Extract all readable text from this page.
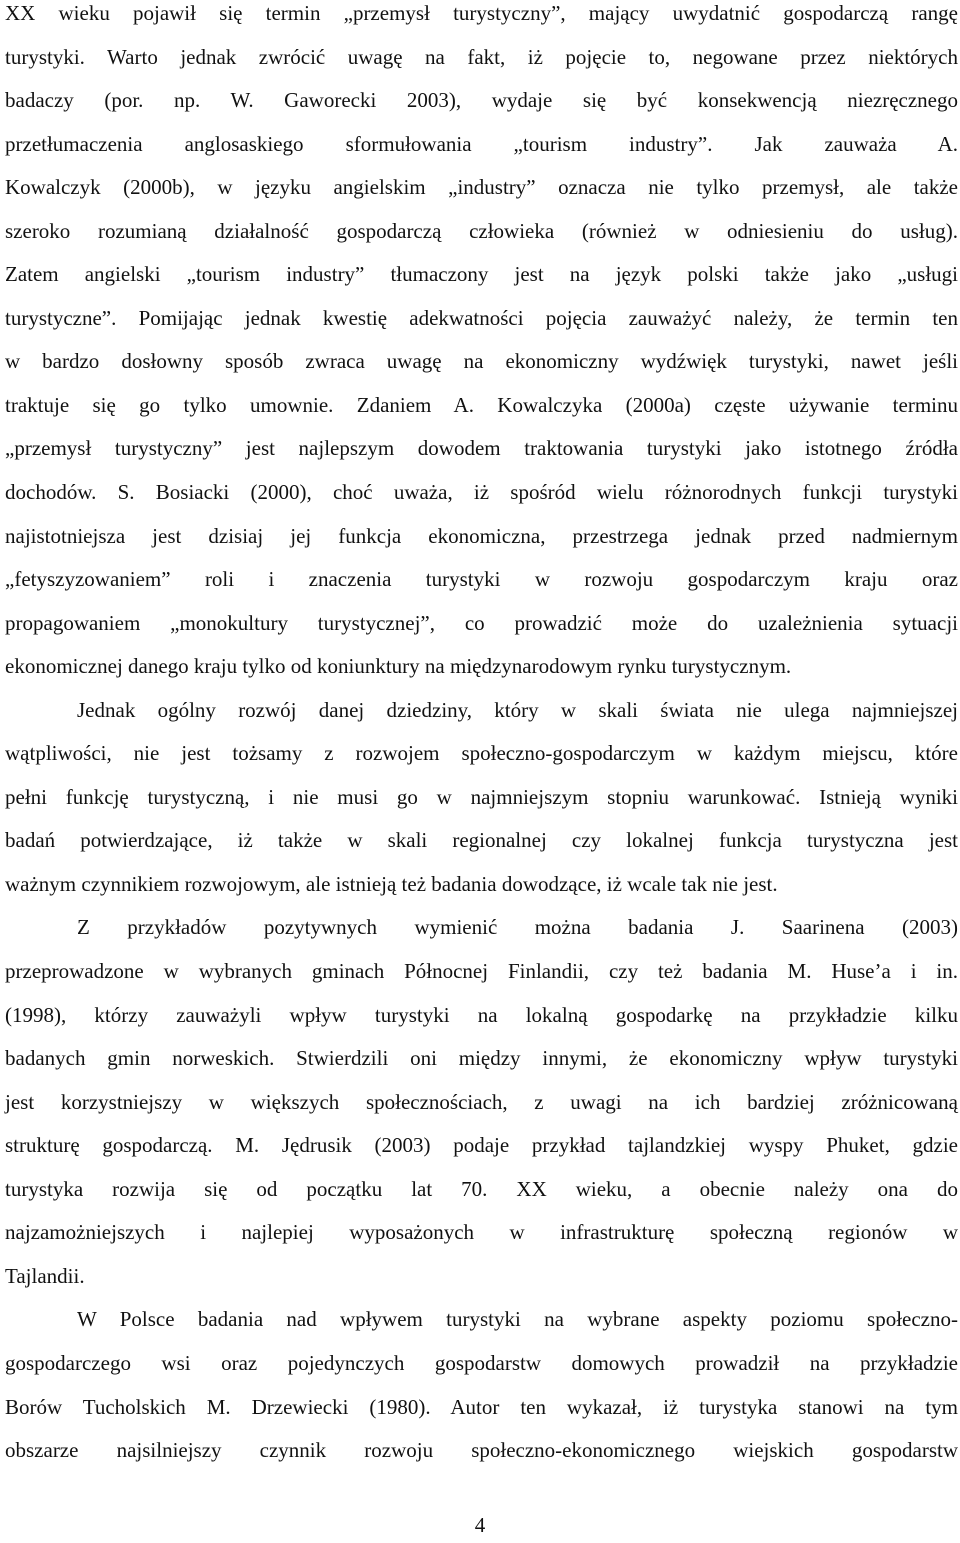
XX wieku pojawił się termin „przemysł turystyczny”, mający uwydatnić gospodarczą rangę
turystyki. Warto jednak zwrócić uwagę na fakt, iż pojęcie to, negowane przez niektórych
badaczy (por. np. W. Gaworecki 2003), wydaje się być konsekwencją niezręcznego
przetłumaczenia anglosaskiego sformułowania „tourism industry”. Jak zauważa A.
Kowalczyk (2000b), w języku angielskim „industry” oznacza nie tylko przemysł, ale także
szeroko rozumianą działalność gospodarczą człowieka (również w odniesieniu do usług).
Zatem angielski „tourism industry” tłumaczony jest na język polski także jako „usługi
turystyczne”. Pomijając jednak kwestię adekwatności pojęcia zauważyć należy, że termin ten
w bardzo dosłowny sposób zwraca uwagę na ekonomiczny wydźwięk turystyki, nawet jeśli
traktuje się go tylko umownie. Zdaniem A. Kowalczyka (2000a) częste używanie terminu
„przemysł turystyczny” jest najlepszym dowodem traktowania turystyki jako istotnego źródła
dochodów. S. Bosiacki (2000), choć uważa, iż spośród wielu różnorodnych funkcji turystyki
najistotniejsza jest dzisiaj jej funkcja ekonomiczna, przestrzega jednak przed nadmiernym
„fetyszyzowaniem” roli i znaczenia turystyki w rozwoju gospodarczym kraju oraz
propagowaniem „monokultury turystycznej”, co prowadzić może do uzależnienia sytuacji
ekonomicznej danego kraju tylko od koniunktury na międzynarodowym rynku turystycznym.
Jednak ogólny rozwój danej dziedziny, który w skali świata nie ulega najmniejszej
wątpliwości, nie jest tożsamy z rozwojem społeczno-gospodarczym w każdym miejscu, które
pełni funkcję turystyczną, i nie musi go w najmniejszym stopniu warunkować. Istnieją wyniki
badań potwierdzające, iż także w skali regionalnej czy lokalnej funkcja turystyczna jest
ważnym czynnikiem rozwojowym, ale istnieją też badania dowodzące, iż wcale tak nie jest.
Z przykładów pozytywnych wymienić można badania J. Saarinena (2003)
przeprowadzone w wybranych gminach Północnej Finlandii, czy też badania M. Huse’a i in.
(1998), którzy zauważyli wpływ turystyki na lokalną gospodarkę na przykładzie kilku
badanych gmin norweskich. Stwierdzili oni między innymi, że ekonomiczny wpływ turystyki
jest korzystniejszy w większych społecznościach, z uwagi na ich bardziej zróżnicowaną
strukturę gospodarczą. M. Jędrusik (2003) podaje przykład tajlandzkiej wyspy Phuket, gdzie
turystyka rozwija się od początku lat 70. XX wieku, a obecnie należy ona do
najzamożniejszych i najlepiej wyposażonych w infrastrukturę społeczną regionów w
Tajlandii.
W Polsce badania nad wpływem turystyki na wybrane aspekty poziomu społeczno-
gospodarczego wsi oraz pojedynczych gospodarstw domowych prowadził na przykładzie
Borów Tucholskich M. Drzewiecki (1980). Autor ten wykazał, iż turystyka stanowi na tym
obszarze najsilniejszy czynnik rozwoju społeczno-ekonomicznego wiejskich gospodarstw
4
